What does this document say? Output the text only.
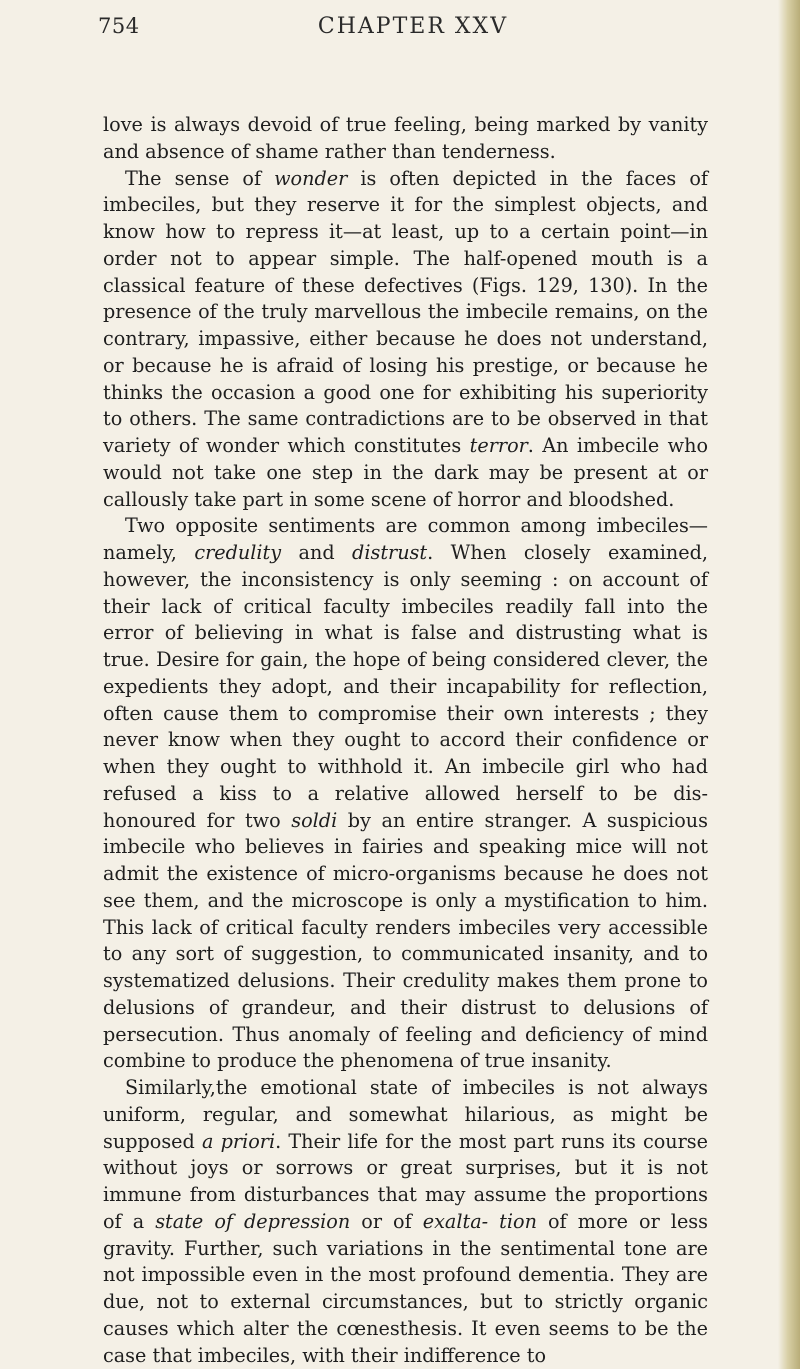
754	CHAPTER XXV

love is always devoid of true feeling, being marked by vanity and absence of shame rather than tenderness.

The sense of wonder is often depicted in the faces of imbeciles, but they reserve it for the simplest objects, and know how to repress it—at least, up to a certain point—in order not to appear simple. The half-opened mouth is a classical feature of these defectives (Figs. 129, 130). In the presence of the truly marvellous the imbecile remains, on the contrary, impassive, either because he does not understand, or because he is afraid of losing his prestige, or because he thinks the occasion a good one for exhibiting his superiority to others. The same contradictions are to be observed in that variety of wonder which constitutes terror. An imbecile who would not take one step in the dark may be present at or callously take part in some scene of horror and bloodshed.

Two opposite sentiments are common among imbeciles—namely, credulity and distrust. When closely examined, however, the inconsistency is only seeming : on account of their lack of critical faculty imbeciles readily fall into the error of believing in what is false and distrusting what is true. Desire for gain, the hope of being considered clever, the expedients they adopt, and their incapability for reflection, often cause them to compromise their own interests ; they never know when they ought to accord their confidence or when they ought to withhold it. An imbecile girl who had refused a kiss to a relative allowed herself to be dis- honoured for two soldi by an entire stranger. A suspicious imbecile who believes in fairies and speaking mice will not admit the existence of micro-organisms because he does not see them, and the microscope is only a mystification to him. This lack of critical faculty renders imbeciles very accessible to any sort of suggestion, to communicated insanity, and to systematized delusions. Their credulity makes them prone to delusions of grandeur, and their distrust to delusions of persecution. Thus anomaly of feeling and deficiency of mind combine to produce the phenomena of true insanity.

Similarly,the emotional state of imbeciles is not always uniform, regular, and somewhat hilarious, as might be supposed a priori. Their life for the most part runs its course without joys or sorrows or great surprises, but it is not immune from disturbances that may assume the proportions of a state of depression or of exalta- tion of more or less gravity. Further, such variations in the sentimental tone are not impossible even in the most profound dementia. They are due, not to external circumstances, but to strictly organic causes which alter the cœnesthesis. It even seems to be the case that imbeciles, with their indifference to
